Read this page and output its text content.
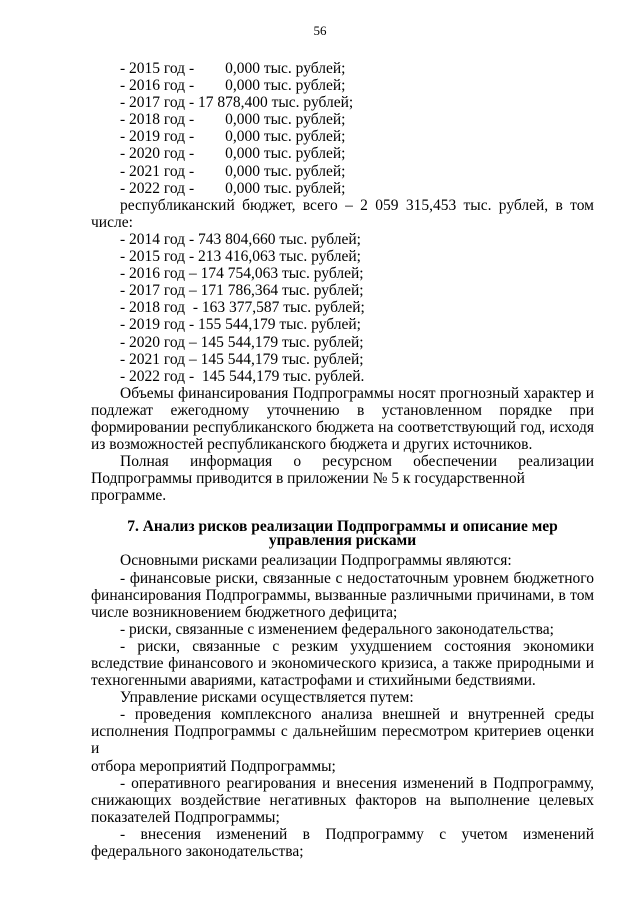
56
- 2015 год -        0,000 тыс. рублей;
- 2016 год -        0,000 тыс. рублей;
- 2017 год - 17 878,400 тыс. рублей;
- 2018 год -        0,000 тыс. рублей;
- 2019 год -        0,000 тыс. рублей;
- 2020 год -        0,000 тыс. рублей;
- 2021 год -        0,000 тыс. рублей;
- 2022 год -        0,000 тыс. рублей;
республиканский бюджет, всего – 2 059 315,453 тыс. рублей, в том
числе:
- 2014 год - 743 804,660 тыс. рублей;
- 2015 год - 213 416,063 тыс. рублей;
- 2016 год – 174 754,063 тыс. рублей;
- 2017 год – 171 786,364 тыс. рублей;
- 2018 год  - 163 377,587 тыс. рублей;
- 2019 год - 155 544,179 тыс. рублей;
- 2020 год – 145 544,179 тыс. рублей;
- 2021 год – 145 544,179 тыс. рублей;
- 2022 год -  145 544,179 тыс. рублей.
Объемы финансирования Подпрограммы носят прогнозный характер и
подлежат ежегодному уточнению в установленном порядке при
формировании республиканского бюджета на соответствующий год, исходя
из возможностей республиканского бюджета и других источников.
Полная информация о ресурсном обеспечении реализации
Подпрограммы приводится в приложении № 5 к государственной программе.
7. Анализ рисков реализации Подпрограммы и описание мер
управления рисками
Основными рисками реализации Подпрограммы являются:
- финансовые риски, связанные с недостаточным уровнем бюджетного
финансирования Подпрограммы, вызванные различными причинами, в том
числе возникновением бюджетного дефицита;
- риски, связанные с изменением федерального законодательства;
- риски, связанные с резким ухудшением состояния экономики
вследствие финансового и экономического кризиса, а также природными и
техногенными авариями, катастрофами и стихийными бедствиями.
Управление рисками осуществляется путем:
- проведения комплексного анализа внешней и внутренней среды
исполнения Подпрограммы с дальнейшим пересмотром критериев оценки и
отбора мероприятий Подпрограммы;
- оперативного реагирования и внесения изменений в Подпрограмму,
снижающих воздействие негативных факторов на выполнение целевых
показателей Подпрограммы;
- внесения изменений в Подпрограмму с учетом изменений
федерального законодательства;
